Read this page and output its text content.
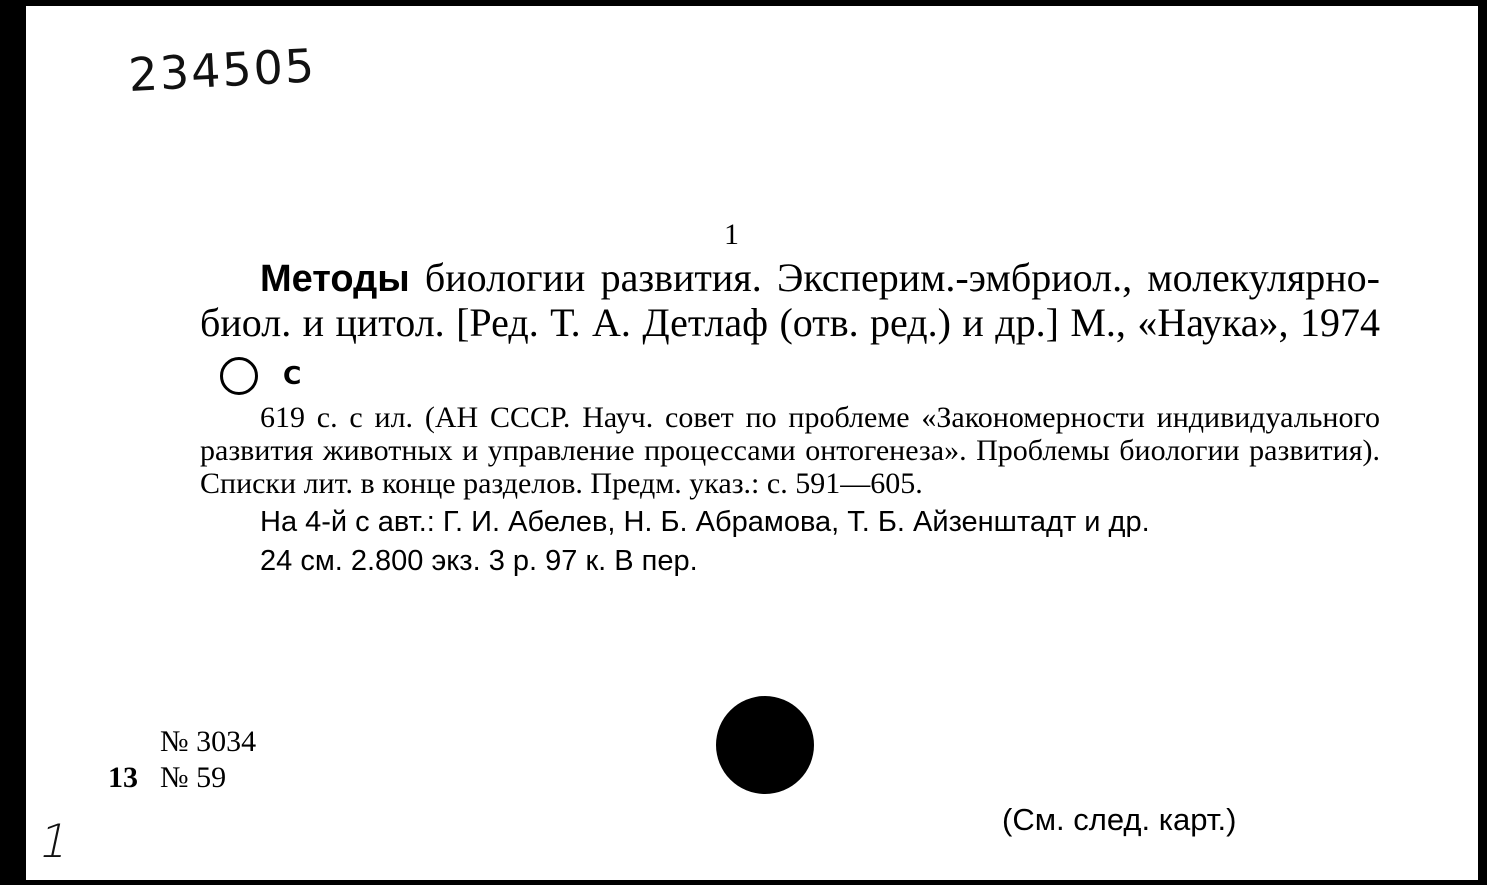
234505
1

Методы биологии развития. Эксперим.-эмбриол., молекулярно-биол. и цитол. [Ред. Т. А. Детлаф (отв. ред.) и др.] М., «Наука», 1974C

619 с. с ил. (АН СССР. Науч. совет по проблеме «Закономерности индивидуального развития животных и управление процессами онтогенеза». Проблемы биологии развития). Списки лит. в конце разделов. Предм. указ.: с. 591—605.

На 4-й с авт.: Г. И. Абелев, Н. Б. Абрамова, Т. Б. Айзенштадт и др.

24 см. 2.800 экз. 3 р. 97 к. В пер.

№ 3034
13 № 59
(См. след. карт.)
1
